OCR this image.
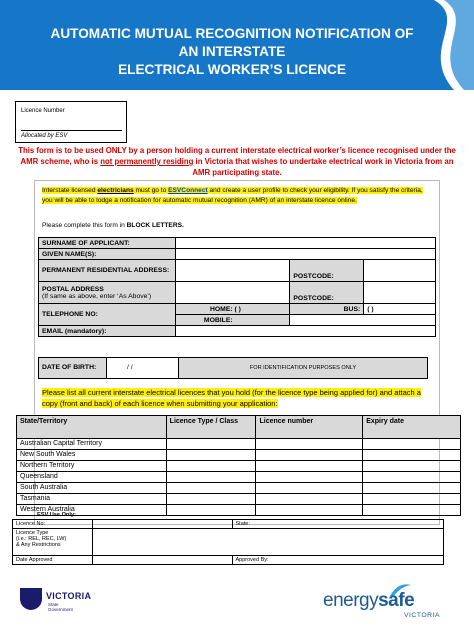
AUTOMATIC MUTUAL RECOGNITION NOTIFICATION OF
AN INTERSTATE
ELECTRICAL WORKER’S LICENCE
Licence Number
Allocated by ESV
This form is to be used ONLY by a person holding a current interstate electrical worker’s licence recognised under the AMR scheme, who is not permanently residing in Victoria that wishes to undertake electrical work in Victoria from an AMR participating state.
Interstate licensed electricians must go to ESVConnect and create a user profile to check your eligibility. If you satisfy the criteria, you will be able to lodge a notification for automatic mutual recognition (AMR) of an interstate licence online.
Please complete this form in BLOCK LETTERS.
SURNAME OF APPLICANT:			
GIVEN NAME(S):			
PERMANENT RESIDENTIAL ADDRESS:		POSTCODE:	

POSTAL ADDRESS
(If same as above, enter ‘As Above’)		POSTCODE:	
TELEPHONE NO:	HOME: ( )	BUS:	( )
	MOBILE:		
EMAIL (mandatory):			
DATE OF BIRTH:	/ /	FOR IDENTIFICATION PURPOSES ONLY
Please list all current interstate electrical licences that you hold (for the licence type being applied for) and attach a copy (front and back) of each licence when submitting your application:
State/Territory	Licence Type / Class	Licence number	Expiry date
Australian Capital Territory			
New South Wales			
Northern Territory			
Queensland			
South Australia			
Tasmania			
Western Australia			
ESV Use Only:
Licence No:		State:

Licence Type
(i.e.: REL, REC, LW)
& Any Restrictions		

Date Approved		Approved By:
VICTORIA
State
Government	energysafe
VICTORIA
